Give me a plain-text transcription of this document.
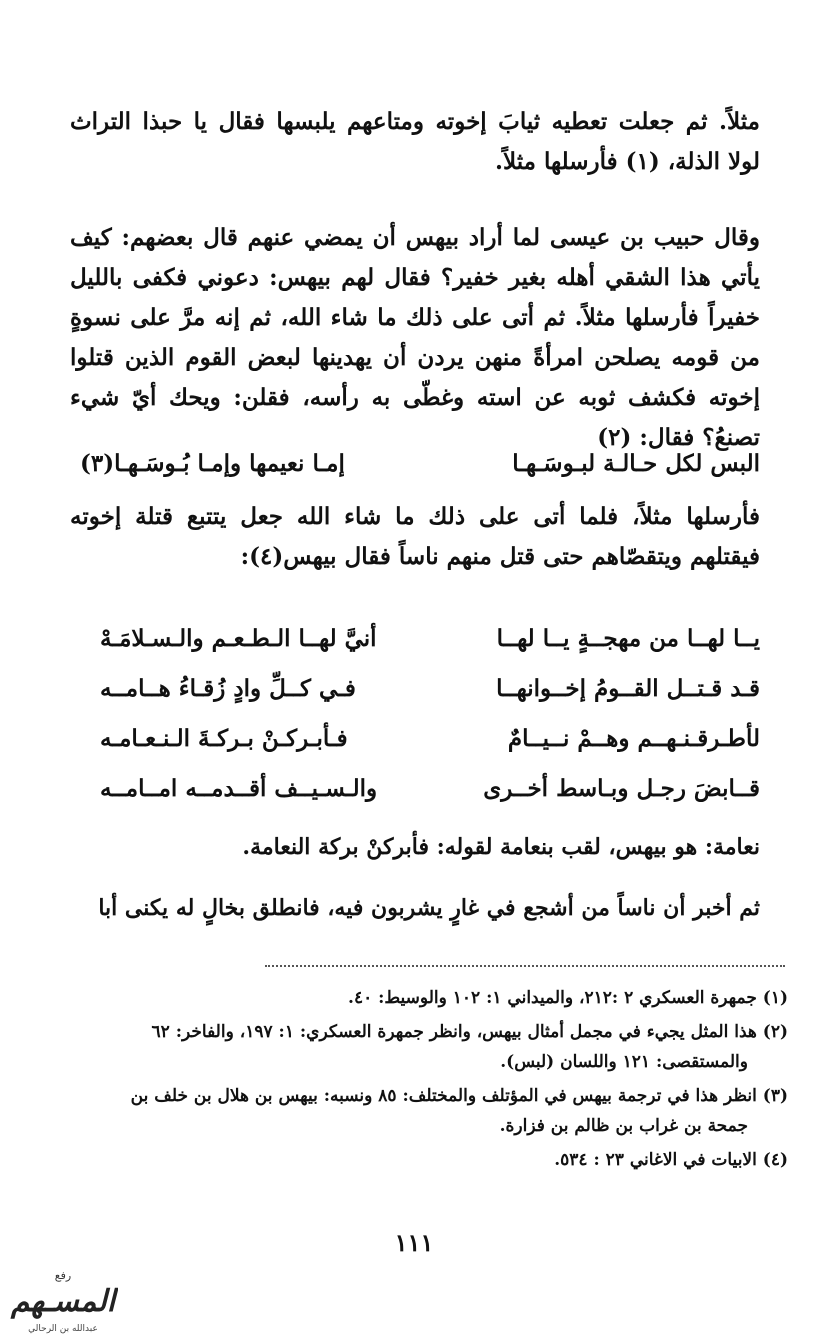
مثلاً. ثم جعلت تعطيه ثيابَ إخوته ومتاعهم يلبسها فقال يا حبذا التراث لولا الذلة، (١) فأرسلها مثلاً.

وقال حبيب بن عيسى لما أراد بيهس أن يمضي عنهم قال بعضهم: كيف يأتي هذا الشقي أهله بغير خفير؟ فقال لهم بيهس: دعوني فكفى بالليل خفيراً فأرسلها مثلاً. ثم أتى على ذلك ما شاء الله، ثم إنه مرَّ على نسوةٍ من قومه يصلحن امرأةً منهن يردن أن يهدينها لبعض القوم الذين قتلوا إخوته فكشف ثوبه عن استه وغطّى به رأسه، فقلن: ويحك أيّ شيء تصنعُ؟ فقال: (٢)

البس لكل حـالـة لبـوسَـهـا
إمـا نعيمها وإمـا بُـوسَـهـا(٣)

فأرسلها مثلاً، فلما أتى على ذلك ما شاء الله جعل يتتبع قتلة إخوته فيقتلهم ويتقصّاهم حتى قتل منهم ناساً فقال بيهس(٤):

يــا لهــا من مهجــةٍ يــا لهــا
أنيَّ لهــا الـطـعـم والـسـلامَـهْ
قـد قـتــل القــومُ إخــوانهــا
فـي كــلِّ وادٍ زُقـاءُ هــامــه
لأطـرقـنـهــم وهــمْ نــيــامٌ
فـأبـركـنْ بـركـةَ الـنـعـامـه
قــابضَ رجـل وبـاسط أخــرى
والـسـيــف أقــدمــه امــامــه

نعامة: هو بيهس، لقب بنعامة لقوله: فأبركنْ بركة النعامة.

ثم أخبر أن ناساً من أشجع في غارٍ يشربون فيه، فانطلق بخالٍ له يكنى أبا

(١) جمهرة العسكري ٢ :٢١٢، والميداني ١: ١٠٢ والوسيط: ٤٠.

(٢) هذا المثل يجيء في مجمل أمثال بيهس، وانظر جمهرة العسكري: ١: ١٩٧، والفاخر: ٦٢
والمستقصى: ١٢١ واللسان (لبس).

(٣) انظر هذا في ترجمة بيهس في المؤتلف والمختلف: ٨٥ ونسبه: بيهس بن هلال بن خلف بن
جمحة بن غراب بن ظالم بن فزارة.

(٤) الابيات في الاغاني ٢٣ : ٥٣٤.

١١١
رفع
المسـهم
عبدالله بن الرحالي
